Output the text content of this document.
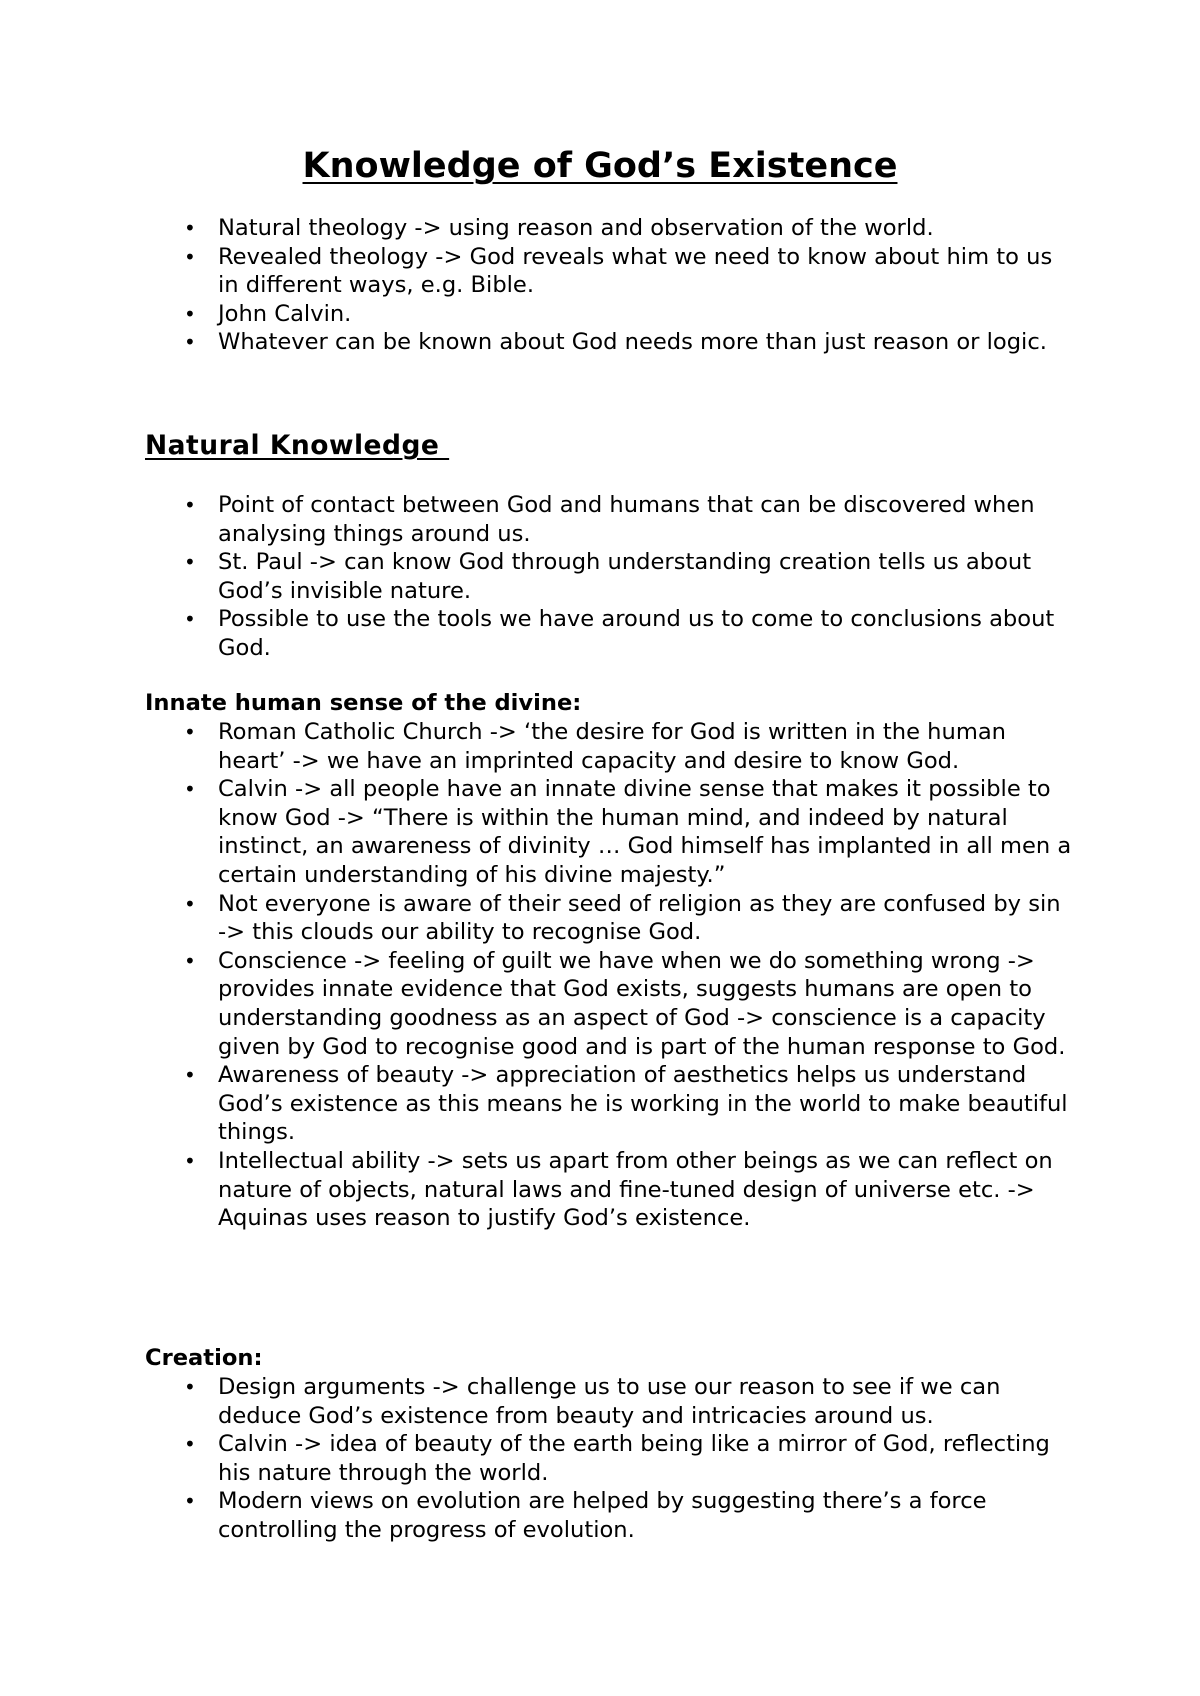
Knowledge of God’s Existence
• Natural theology -> using reason and observation of the world.
• Revealed theology -> God reveals what we need to know about him to us in different ways, e.g. Bible.
• John Calvin.
• Whatever can be known about God needs more than just reason or logic.
Natural Knowledge
• Point of contact between God and humans that can be discovered when analysing things around us.
• St. Paul -> can know God through understanding creation tells us about God’s invisible nature.
• Possible to use the tools we have around us to come to conclusions about God.
Innate human sense of the divine:
• Roman Catholic Church -> ‘the desire for God is written in the human heart’ -> we have an imprinted capacity and desire to know God.
• Calvin -> all people have an innate divine sense that makes it possible to know God -> “There is within the human mind, and indeed by natural instinct, an awareness of divinity … God himself has implanted in all men a certain understanding of his divine majesty.”
• Not everyone is aware of their seed of religion as they are confused by sin -> this clouds our ability to recognise God.
• Conscience -> feeling of guilt we have when we do something wrong -> provides innate evidence that God exists, suggests humans are open to understanding goodness as an aspect of God -> conscience is a capacity given by God to recognise good and is part of the human response to God.
• Awareness of beauty -> appreciation of aesthetics helps us understand God’s existence as this means he is working in the world to make beautiful things.
• Intellectual ability -> sets us apart from other beings as we can reflect on nature of objects, natural laws and fine-tuned design of universe etc. -> Aquinas uses reason to justify God’s existence.
Creation:
• Design arguments -> challenge us to use our reason to see if we can deduce God’s existence from beauty and intricacies around us.
• Calvin -> idea of beauty of the earth being like a mirror of God, reflecting his nature through the world.
• Modern views on evolution are helped by suggesting there’s a force controlling the progress of evolution.
